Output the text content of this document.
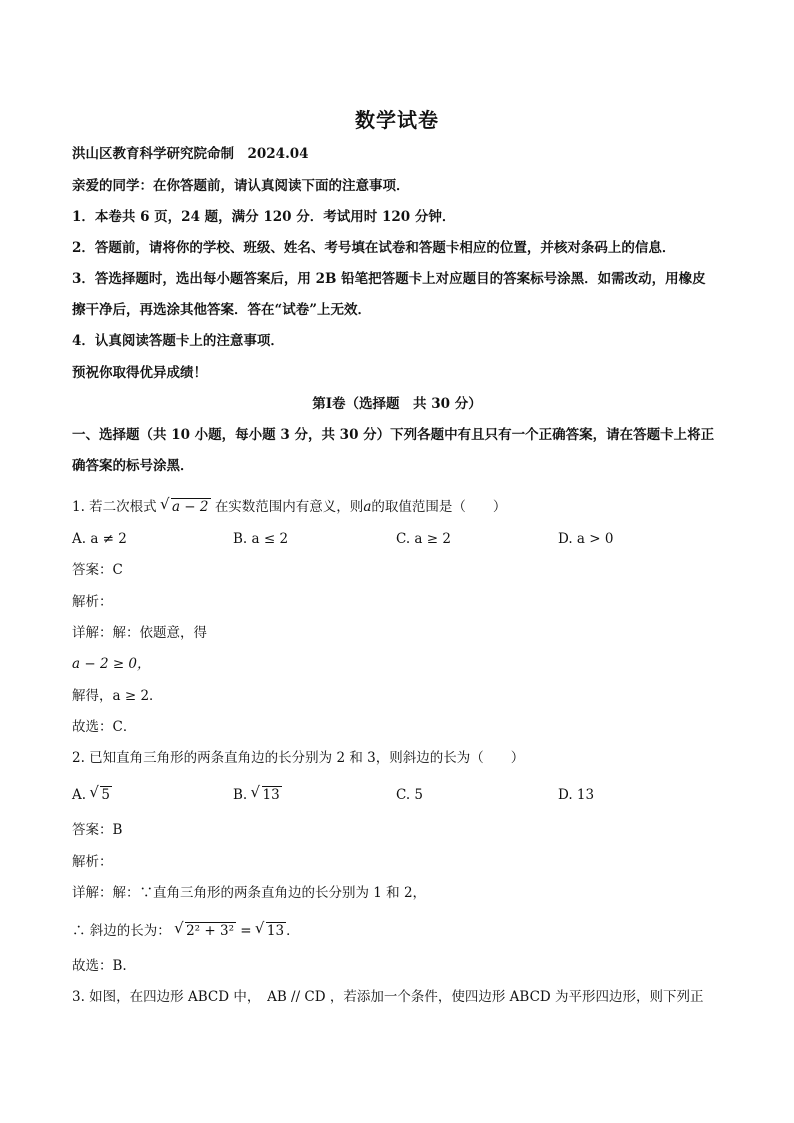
数学试卷
洪山区教育科学研究院命制　2024.04
亲爱的同学：在你答题前，请认真阅读下面的注意事项．
1．本卷共 6 页，24 题，满分 120 分．考试用时 120 分钟．
2．答题前，请将你的学校、班级、姓名、考号填在试卷和答题卡相应的位置，并核对条码上的信息．
3．答选择题时，选出每小题答案后，用 2B 铅笔把答题卡上对应题目的答案标号涂黑．如需改动，用橡皮
擦干净后，再选涂其他答案．答在“试卷”上无效．
4．认真阅读答题卡上的注意事项．
预祝你取得优异成绩！
第Ⅰ卷（选择题　共 30 分）
一、选择题（共 10 小题，每小题 3 分，共 30 分）下列各题中有且只有一个正确答案，请在答题卡上将正
确答案的标号涂黑．
1. 若二次根式 √ a − 2 在实数范围内有意义，则a的取值范围是（　　）
A. a ≠ 2	B. a ≤ 2	C. a ≥ 2	D. a > 0
答案：C
解析：
详解：解：依题意，得
a − 2 ≥ 0，
解得，a ≥ 2．
故选：C．
2. 已知直角三角形的两条直角边的长分别为 2 和 3，则斜边的长为（　　）
A. √ 5	B. √ 13	C. 5	D. 13
答案：B
解析：
详解：解：∵直角三角形的两条直角边的长分别为 1 和 2，
∴ 斜边的长为： √ 2² + 3² = √ 13 ．
故选：B.
3. 如图，在四边形 ABCD 中，　AB // CD ，若添加一个条件，使四边形 ABCD 为平形四边形，则下列正
